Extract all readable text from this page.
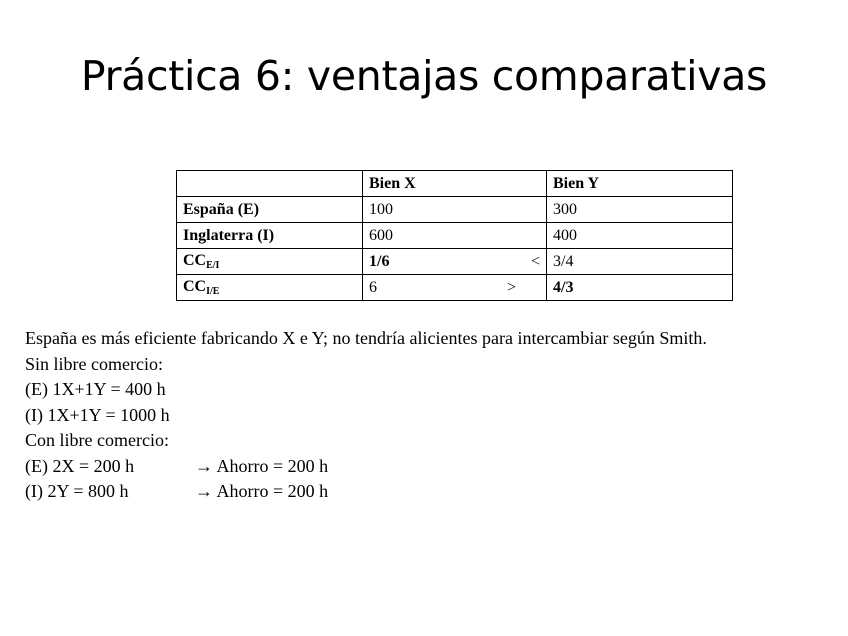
Práctica 6: ventajas comparativas
	Bien X	Bien Y
España (E)	100	300
Inglaterra (I)	600	400
$CC_{E/I}$	1/6 <	3/4
$CC_{I/E}$	6 >	4/3
España es más eficiente fabricando X e Y; no tendría alicientes para intercambiar según Smith.
Sin libre comercio:
(E) 1X+1Y = 400 h
(I) 1X+1Y = 1000 h
Con libre comercio:
(E) 2X = 200 h	→ Ahorro = 200 h
(I) 2Y = 800 h	→ Ahorro = 200 h
